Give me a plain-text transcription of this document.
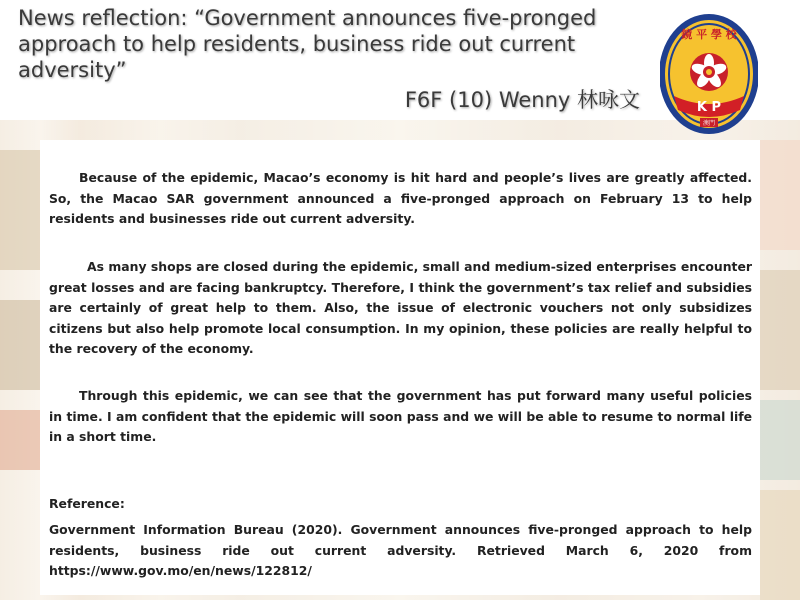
News reflection: “Government announces five-pronged approach to help residents, business ride out current adversity”
F6F (10) Wenny 林咏文
鏡 平 學 校
K P
澳門

Because of the epidemic, Macao’s economy is hit hard and people’s lives are greatly affected. So, the Macao SAR government announced a five-pronged approach on February 13 to help residents and businesses ride out current adversity.

As many shops are closed during the epidemic, small and medium-sized enterprises encounter great losses and are facing bankruptcy. Therefore, I think the government’s tax relief and subsidies are certainly of great help to them. Also, the issue of electronic vouchers not only subsidizes citizens but also help promote local consumption. In my opinion, these policies are really helpful to the recovery of the economy.

Through this epidemic, we can see that the government has put forward many useful policies in time. I am confident that the epidemic will soon pass and we will be able to resume to normal life in a short time.

Reference:

Government Information Bureau (2020). Government announces five-pronged approach to help residents, business ride out current adversity. Retrieved March 6, 2020 from https://www.gov.mo/en/news/122812/
